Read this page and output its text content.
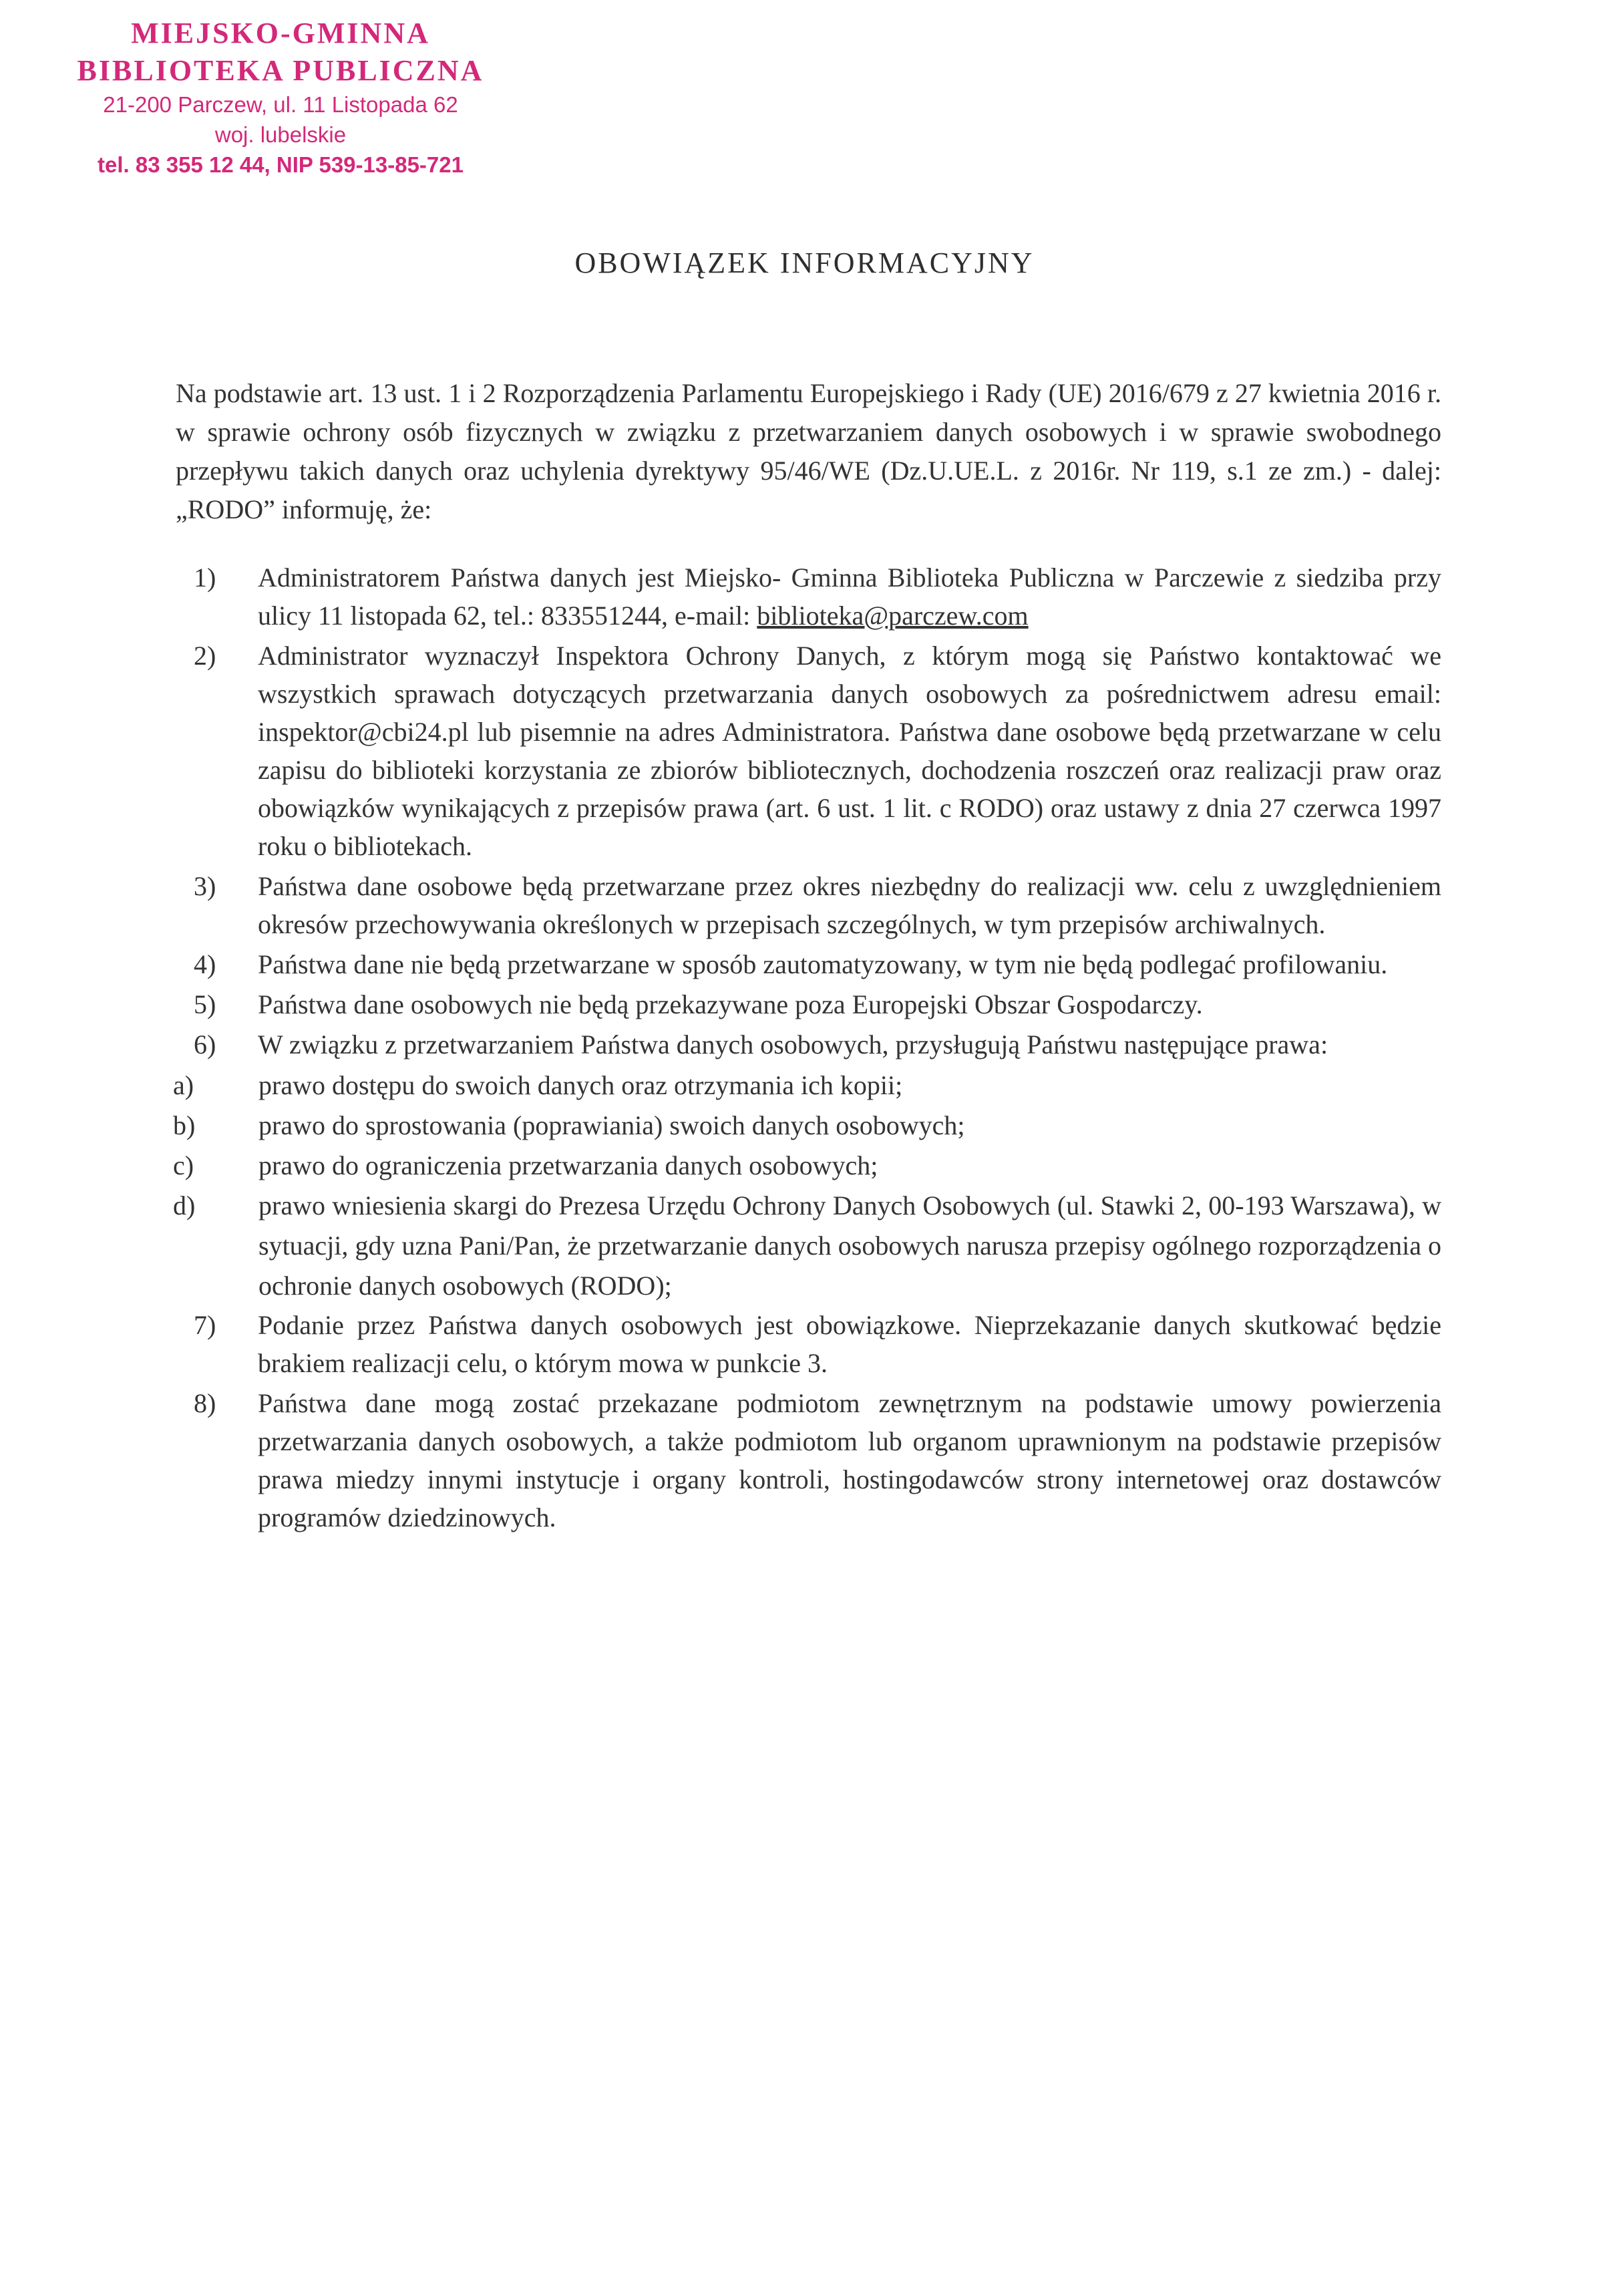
MIEJSKO-GMINNA
BIBLIOTEKA PUBLICZNA
21-200 Parczew, ul. 11 Listopada 62
woj. lubelskie
tel. 83 355 12 44, NIP 539-13-85-721
OBOWIĄZEK INFORMACYJNY
Na podstawie art. 13 ust. 1 i 2 Rozporządzenia Parlamentu Europejskiego i Rady (UE) 2016/679 z 27 kwietnia 2016 r. w sprawie ochrony osób fizycznych w związku z przetwarzaniem danych osobowych i w sprawie swobodnego przepływu takich danych oraz uchylenia dyrektywy 95/46/WE (Dz.U.UE.L. z 2016r. Nr 119, s.1 ze zm.) - dalej: „RODO” informuję, że:
1) Administratorem Państwa danych jest Miejsko- Gminna Biblioteka Publiczna w Parczewie z siedziba przy ulicy 11 listopada 62, tel.: 833551244, e-mail: biblioteka@parczew.com
2) Administrator wyznaczył Inspektora Ochrony Danych, z którym mogą się Państwo kontaktować we wszystkich sprawach dotyczących przetwarzania danych osobowych za pośrednictwem adresu email: inspektor@cbi24.pl lub pisemnie na adres Administratora. Państwa dane osobowe będą przetwarzane w celu zapisu do biblioteki korzystania ze zbiorów bibliotecznych, dochodzenia roszczeń oraz realizacji praw oraz obowiązków wynikających z przepisów prawa (art. 6 ust. 1 lit. c RODO) oraz ustawy z dnia 27 czerwca 1997 roku o bibliotekach.
3) Państwa dane osobowe będą przetwarzane przez okres niezbędny do realizacji ww. celu z uwzględnieniem okresów przechowywania określonych w przepisach szczególnych, w tym przepisów archiwalnych.
4) Państwa dane nie będą przetwarzane w sposób zautomatyzowany, w tym nie będą podlegać profilowaniu.
5) Państwa dane osobowych nie będą przekazywane poza Europejski Obszar Gospodarczy.
6) W związku z przetwarzaniem Państwa danych osobowych, przysługują Państwu następujące prawa:
a) prawo dostępu do swoich danych oraz otrzymania ich kopii;
b) prawo do sprostowania (poprawiania) swoich danych osobowych;
c) prawo do ograniczenia przetwarzania danych osobowych;
d) prawo wniesienia skargi do Prezesa Urzędu Ochrony Danych Osobowych (ul. Stawki 2, 00-193 Warszawa), w sytuacji, gdy uzna Pani/Pan, że przetwarzanie danych osobowych narusza przepisy ogólnego rozporządzenia o ochronie danych osobowych (RODO);
7) Podanie przez Państwa danych osobowych jest obowiązkowe. Nieprzekazanie danych skutkować będzie brakiem realizacji celu, o którym mowa w punkcie 3.
8) Państwa dane mogą zostać przekazane podmiotom zewnętrznym na podstawie umowy powierzenia przetwarzania danych osobowych, a także podmiotom lub organom uprawnionym na podstawie przepisów prawa miedzy innymi instytucje i organy kontroli, hostingodawców strony internetowej oraz dostawców programów dziedzinowych.
